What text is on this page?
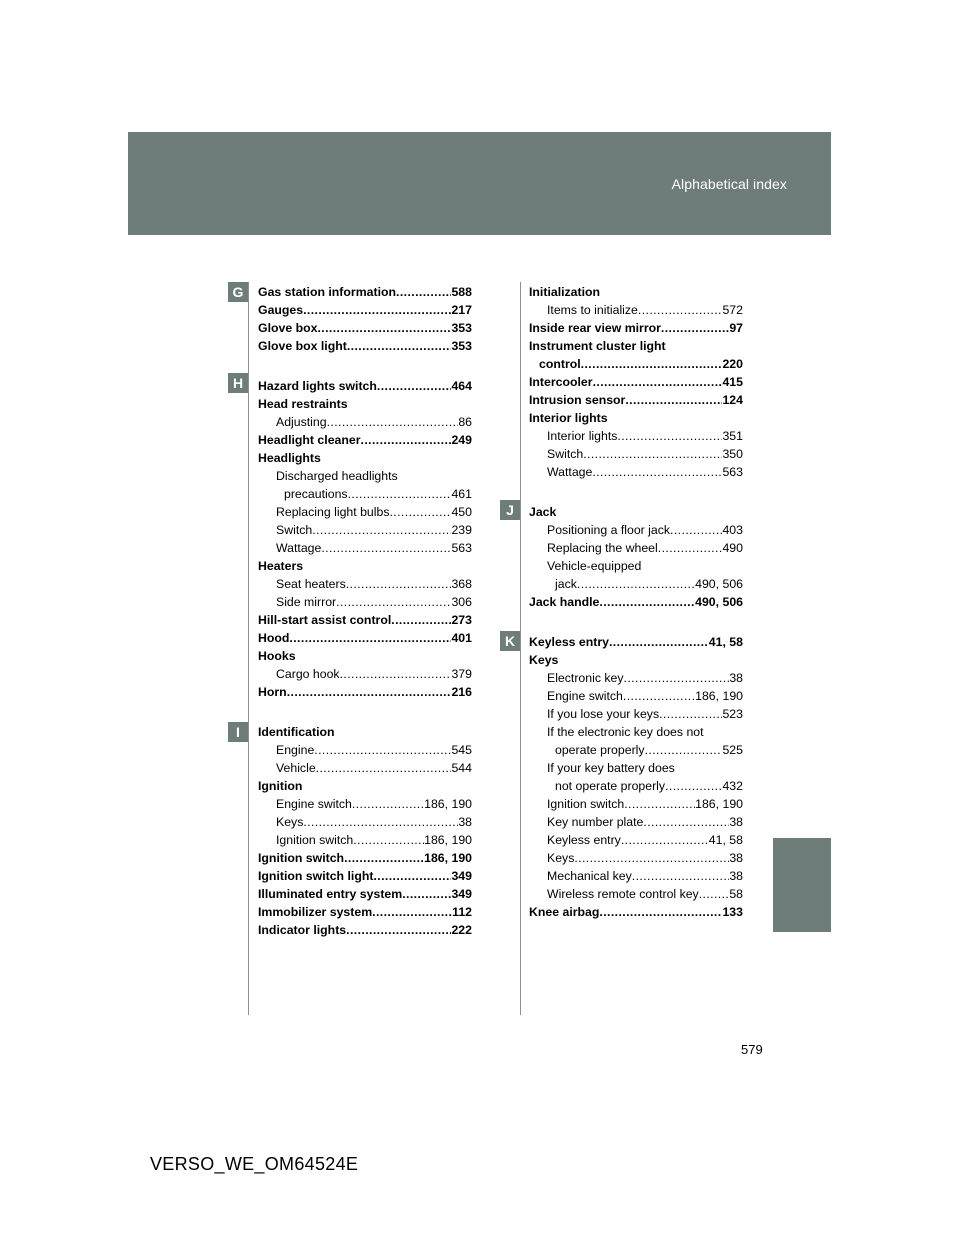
Alphabetical index
G
H
I
J
K
Gas station information .....	588
Gauges .....	217
Glove box .....	353
Glove box light .....	353
Hazard lights switch .....	464
Head restraints
Adjusting .....	86
Headlight cleaner .....	249
Headlights
Discharged headlights
precautions .....	461
Replacing light bulbs .....	450
Switch .....	239
Wattage .....	563
Heaters
Seat heaters .....	368
Side mirror .....	306
Hill-start assist control .....	273
Hood .....	401
Hooks
Cargo hook .....	379
Horn .....	216
Identification
Engine .....	545
Vehicle .....	544
Ignition
Engine switch .....	186, 190
Keys .....	38
Ignition switch .....	186, 190
Ignition switch .....	186, 190
Ignition switch light .....	349
Illuminated entry system .....	349
Immobilizer system .....	112
Indicator lights .....	222
Initialization
Items to initialize .....	572
Inside rear view mirror .....	97
Instrument cluster light
control .....	220
Intercooler .....	415
Intrusion sensor .....	124
Interior lights
Interior lights .....	351
Switch .....	350
Wattage .....	563
Jack
Positioning a floor jack .....	403
Replacing the wheel .....	490
Vehicle-equipped
jack .....	490, 506
Jack handle .....	490, 506
Keyless entry .....	41, 58
Keys
Electronic key .....	38
Engine switch .....	186, 190
If you lose your keys .....	523
If the electronic key does not
operate properly .....	525
If your key battery does
not operate properly .....	432
Ignition switch .....	186, 190
Key number plate .....	38
Keyless entry .....	41, 58
Keys .....	38
Mechanical key .....	38
Wireless remote control key ..... 58
Knee airbag .....	133
579
VERSO_WE_OM64524E
